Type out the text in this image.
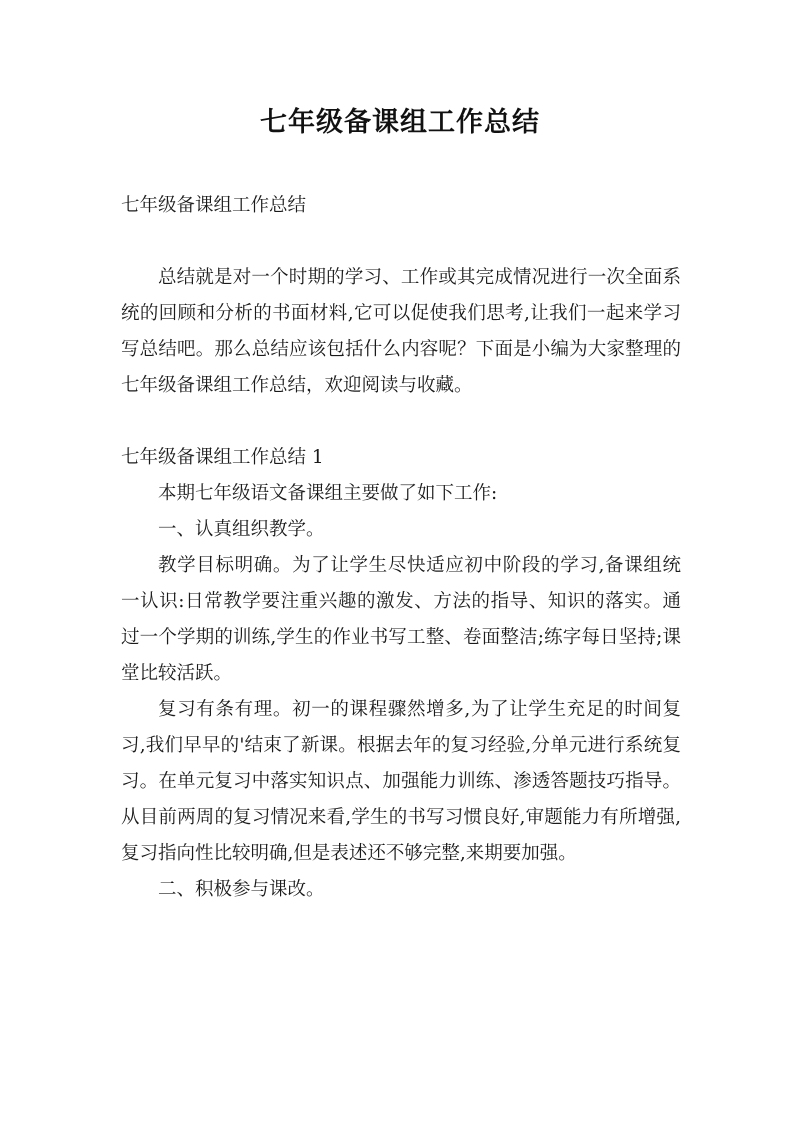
七年级备课组工作总结

七年级备课组工作总结

总结就是对一个时期的学习、工作或其完成情况进行一次全面系统的回顾和分析的书面材料,它可以促使我们思考,让我们一起来学习写总结吧。那么总结应该包括什么内容呢？下面是小编为大家整理的七年级备课组工作总结，欢迎阅读与收藏。

七年级备课组工作总结 1

本期七年级语文备课组主要做了如下工作:

一、认真组织教学。

教学目标明确。为了让学生尽快适应初中阶段的学习,备课组统一认识:日常教学要注重兴趣的激发、方法的指导、知识的落实。通过一个学期的训练,学生的作业书写工整、卷面整洁;练字每日坚持;课堂比较活跃。

复习有条有理。初一的课程骤然增多,为了让学生充足的时间复习,我们早早的'结束了新课。根据去年的复习经验,分单元进行系统复习。在单元复习中落实知识点、加强能力训练、渗透答题技巧指导。从目前两周的复习情况来看,学生的书写习惯良好,审题能力有所增强,复习指向性比较明确,但是表述还不够完整,来期要加强。

二、积极参与课改。
